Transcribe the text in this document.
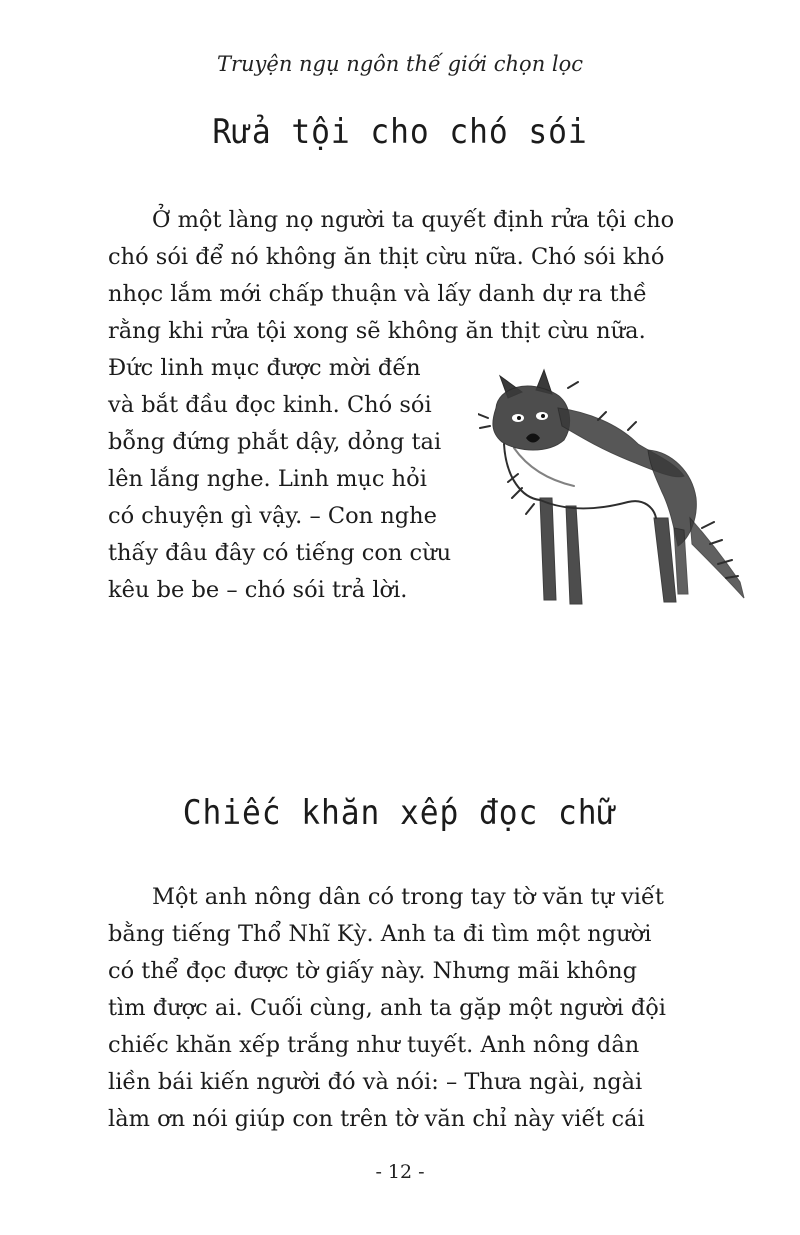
Truyện ngụ ngôn thế giới chọn lọc
Rửa tội cho chó sói
Ở một làng nọ người ta quyết định rửa tội cho
chó sói để nó không ăn thịt cừu nữa. Chó sói khó
nhọc lắm mới chấp thuận và lấy danh dự ra thề
rằng khi rửa tội xong sẽ không ăn thịt cừu nữa.
Đức linh mục được mời đến
và bắt đầu đọc kinh. Chó sói
bỗng đứng phắt dậy, dỏng tai
lên lắng nghe. Linh mục hỏi
có chuyện gì vậy. – Con nghe
thấy đâu đây có tiếng con cừu
kêu be be – chó sói trả lời.
Chiếc khăn xếp đọc chữ
Một anh nông dân có trong tay tờ văn tự viết
bằng tiếng Thổ Nhĩ Kỳ. Anh ta đi tìm một người
có thể đọc được tờ giấy này. Nhưng mãi không
tìm được ai. Cuối cùng, anh ta gặp một người đội
chiếc khăn xếp trắng như tuyết. Anh nông dân
liền bái kiến người đó và nói: – Thưa ngài, ngài
làm ơn nói giúp con trên tờ văn chỉ này viết cái
- 12 -
